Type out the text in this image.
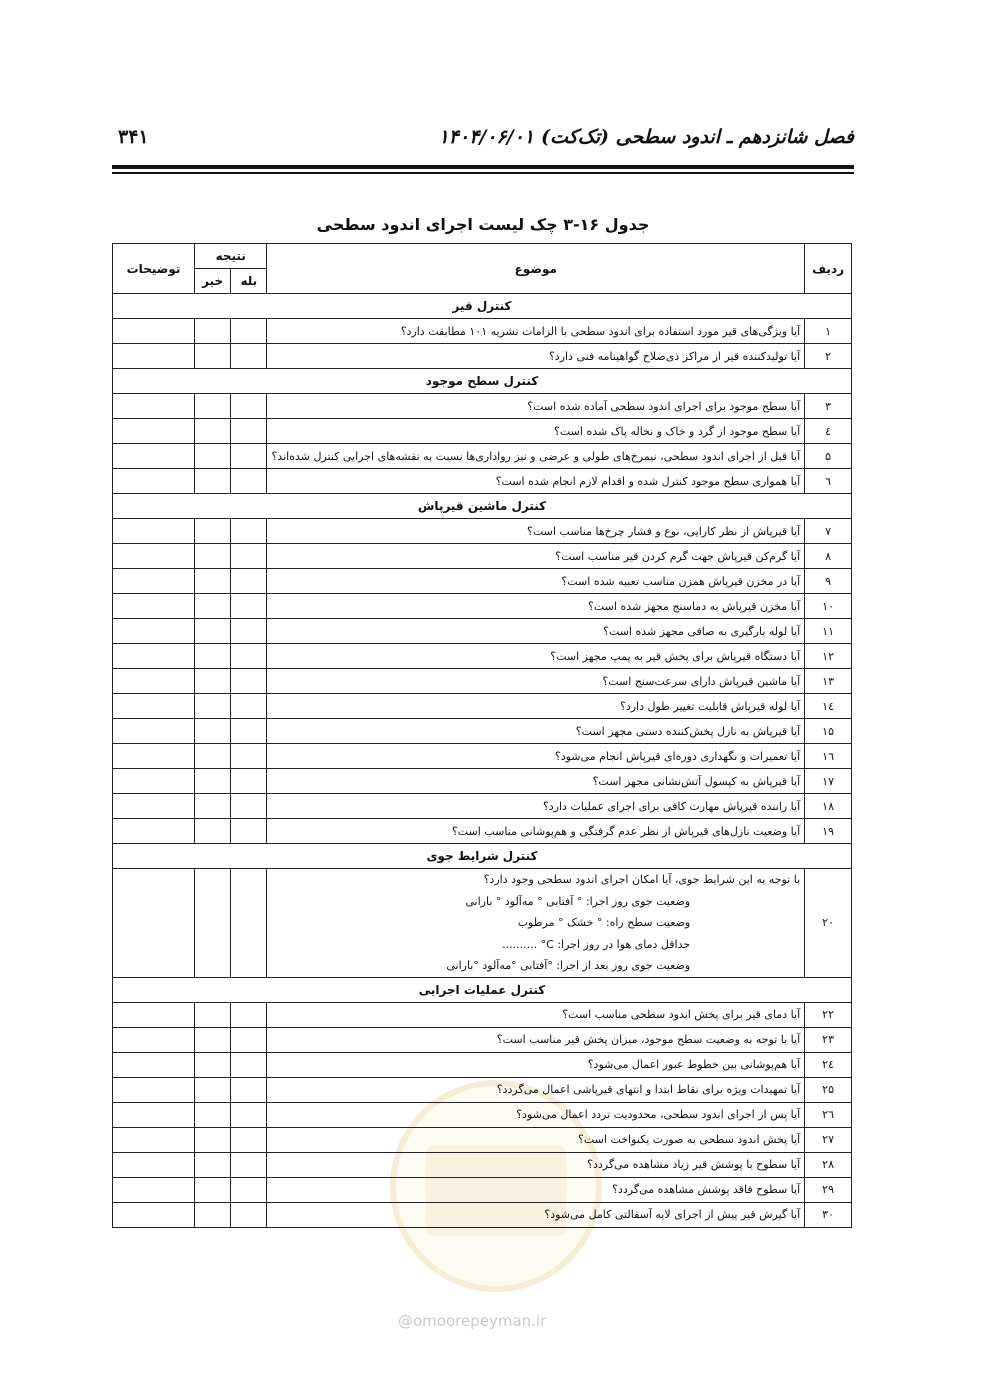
فصل شانزدهم ـ اندود سطحی (تک‌کت)
۱۴۰۴/۰۶/۰۱
۳۴۱
جدول ۱۶-۳ چک لیست اجرای اندود سطحی
@omoorepeyman.ir
ردیف	موضوع	نتیجه		توضیحات
		بله	خیر	
کنترل قیر				
۱	آیا ویژگی‌های قیر مورد استفاده برای اندود سطحی با الزامات نشریه ۱۰۱ مطابقت دارد؟			
۲	آیا تولیدکننده قیر از مراکز ذی‌صلاح گواهینامه فنی دارد؟			
کنترل سطح موجود				
۳	آیا سطح موجود برای اجرای اندود سطحی آماده شده است؟			
٤	آیا سطح موجود از گرد و خاک و نخاله پاک شده است؟			
۵	آیا قبل از اجرای اندود سطحی، نیمرخ‌های طولی و عرضی و نیز رواداری‌ها نسبت به نقشه‌های اجرایی کنترل شده‌اند؟			
٦	آیا همواری سطح موجود کنترل شده و اقدام لازم انجام شده است؟			
کنترل ماشین قیرپاش				
۷	آیا قیرپاش از نظر کارایی، نوع و فشار چرخ‌ها مناسب است؟			
۸	آیا گرم‌کن قیرپاش جهت گرم کردن قیر مناسب است؟			
۹	آیا در مخزن قیرپاش همزن مناسب تعبیه شده است؟			
۱۰	آیا مخزن قیرپاش به دماسنج مجهز شده است؟			
۱۱	آیا لوله بارگیری به صافی مجهز شده است؟			
۱۲	آیا دستگاه قیرپاش برای پخش قیر به پمپ مجهز است؟			
۱۳	آیا ماشین قیرپاش دارای سرعت‌سنج است؟			
١٤	آیا لوله قیرپاش قابلیت تغییر طول دارد؟			
۱۵	آیا قیرپاش به نازل پخش‌کننده دستی مجهز است؟			
١٦	آیا تعمیرات و نگهداری دوره‌ای قیرپاش انجام می‌شود؟			
۱۷	آیا قیرپاش به کپسول آتش‌نشانی مجهز است؟			
۱۸	آیا راننده قیرپاش مهارت کافی برای اجرای عملیات دارد؟			
۱۹	آیا وضعیت نازل‌های قیرپاش از نظر عدم گرفتگی و هم‌پوشانی مناسب است؟			
کنترل شرایط جوی				
۲۰	با توجه به این شرایط جوی، آیا امکان اجرای اندود سطحی وجود دارد؟
وضعیت جوی روز اجرا: ° آفتابی ° مه‌آلود ° بارانی
وضعیت سطح راه: ° خشک ° مرطوب
حداقل دمای هوا در روز اجرا: C° ..........
وضعیت جوی روز بعد از اجرا: °آفتابی °مه‌آلود °بارانی			

کنترل عملیات اجرایی				
۲۲	آیا دمای قیر برای پخش اندود سطحی مناسب است؟			
۲۳	آیا با توجه به وضعیت سطح موجود، میزان پخش قیر مناسب است؟			
٢٤	آیا هم‌پوشانی بین خطوط عبور اعمال می‌شود؟			
۲۵	آیا تمهیدات ویژه برای نقاط ابتدا و انتهای قیرپاشی اعمال می‌گردد؟			
٢٦	آیا پس از اجرای اندود سطحی، محدودیت تردد اعمال می‌شود؟			
۲۷	آیا پخش اندود سطحی به صورت یکنواخت است؟			
۲۸	آیا سطوح با پوشش قیر زیاد مشاهده می‌گردد؟			
۲۹	آیا سطوح فاقد پوشش مشاهده می‌گردد؟			
۳۰	آیا گیرش قیر پیش از اجرای لایه آسفالتی کامل می‌شود؟			
